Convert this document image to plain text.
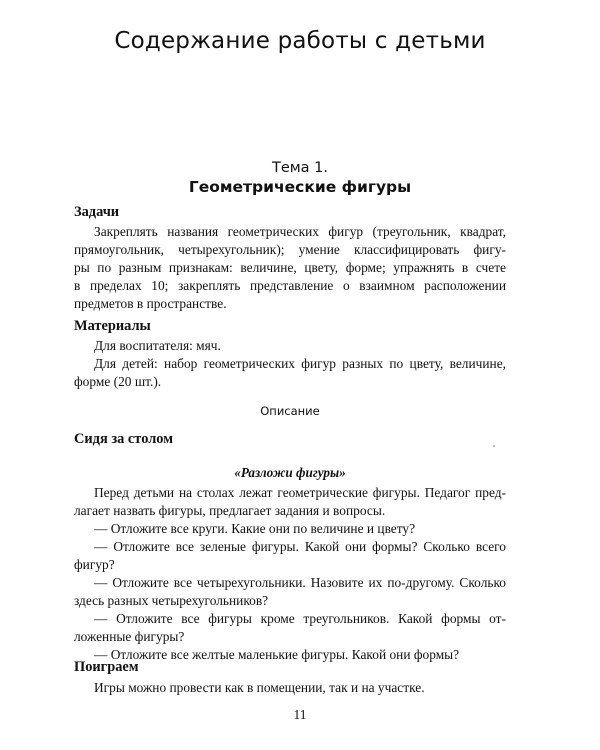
Содержание работы с детьми
Тема 1.
Геометрические фигуры

Задачи

Закреплять названия геометрических фигур (треугольник, квадрат,

прямоугольник, четырехугольник); умение классифицировать фигу-

ры по разным признакам: величине, цвету, форме; упражнять в счете

в пределах 10; закреплять представление о взаимном расположении

предметов в пространстве.

Материалы

Для воспитателя: мяч.

Для детей: набор геометрических фигур разных по цвету, величине,

форме (20 шт.).

Описание

Сидя за столом

«Разложи фигуры»

Перед детьми на столах лежат геометрические фигуры. Педагог пред-

лагает назвать фигуры, предлагает задания и вопросы.

— Отложите все круги. Какие они по величине и цвету?

— Отложите все зеленые фигуры. Какой они формы? Сколько всего

фигур?

— Отложите все четырехугольники. Назовите их по-другому. Сколько

здесь разных четырехугольников?

— Отложите все фигуры кроме треугольников. Какой формы от-

ложенные фигуры?

— Отложите все желтые маленькие фигуры. Какой они формы?

Поиграем

Игры можно провести как в помещении, так и на участке.

11
